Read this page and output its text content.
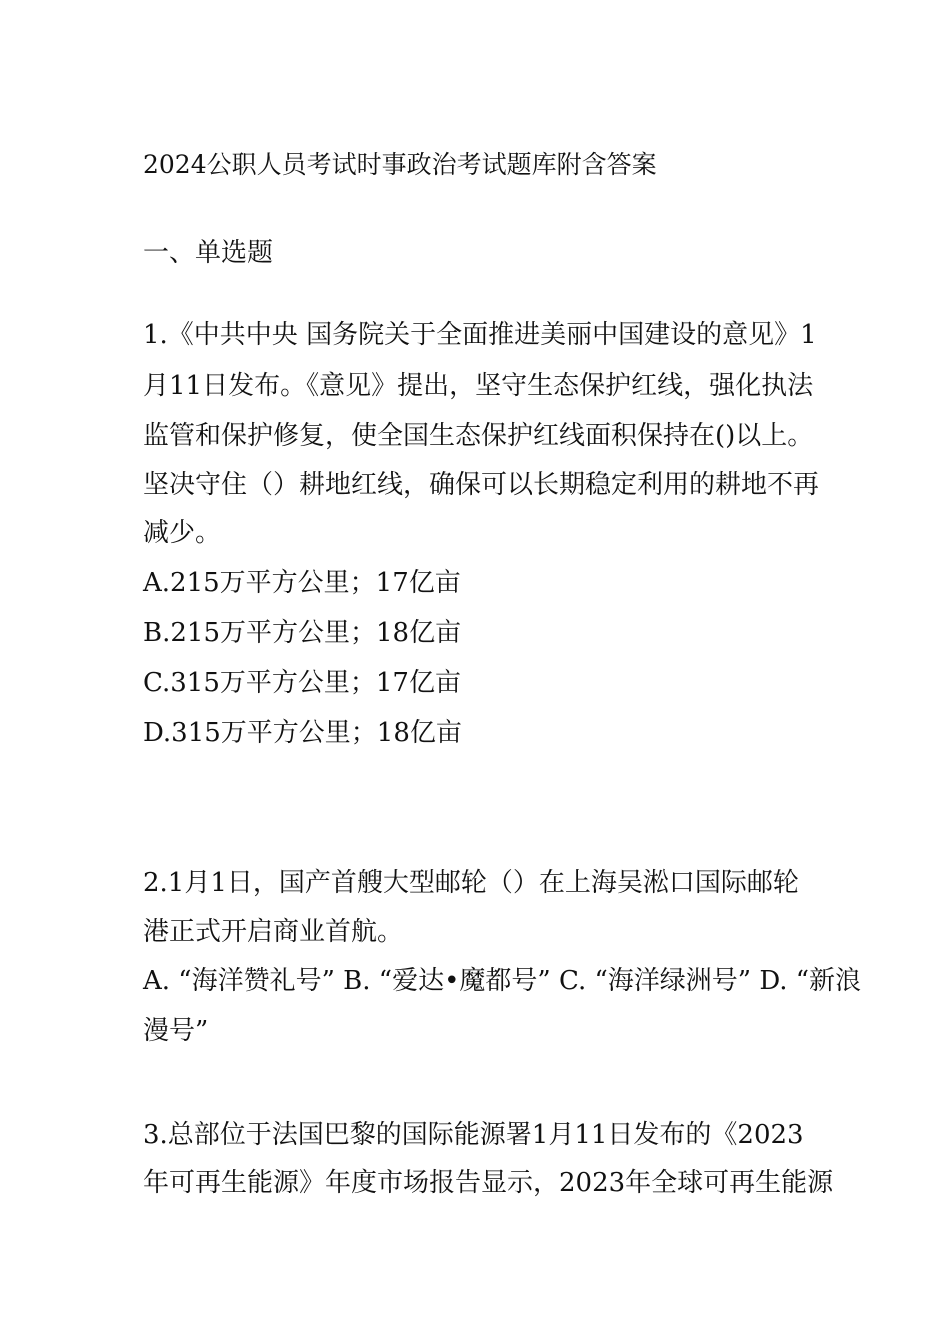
2024公职人员考试时事政治考试题库附含答案
一、单选题
1.《中共中央 国务院关于全面推进美丽中国建设的意见》1
月11日发布。《意见》提出，坚守生态保护红线，强化执法
监管和保护修复，使全国生态保护红线面积保持在()以上。
坚决守住（）耕地红线，确保可以长期稳定利用的耕地不再
减少。
A.215万平方公里；17亿亩
B.215万平方公里；18亿亩
C.315万平方公里；17亿亩
D.315万平方公里；18亿亩
2.1月1日，国产首艘大型邮轮（）在上海吴淞口国际邮轮
港正式开启商业首航。
A. “海洋赞礼号” B. “爱达•魔都号” C. “海洋绿洲号” D. “新浪
漫号”
3.总部位于法国巴黎的国际能源署1月11日发布的《2023
年可再生能源》年度市场报告显示，2023年全球可再生能源
